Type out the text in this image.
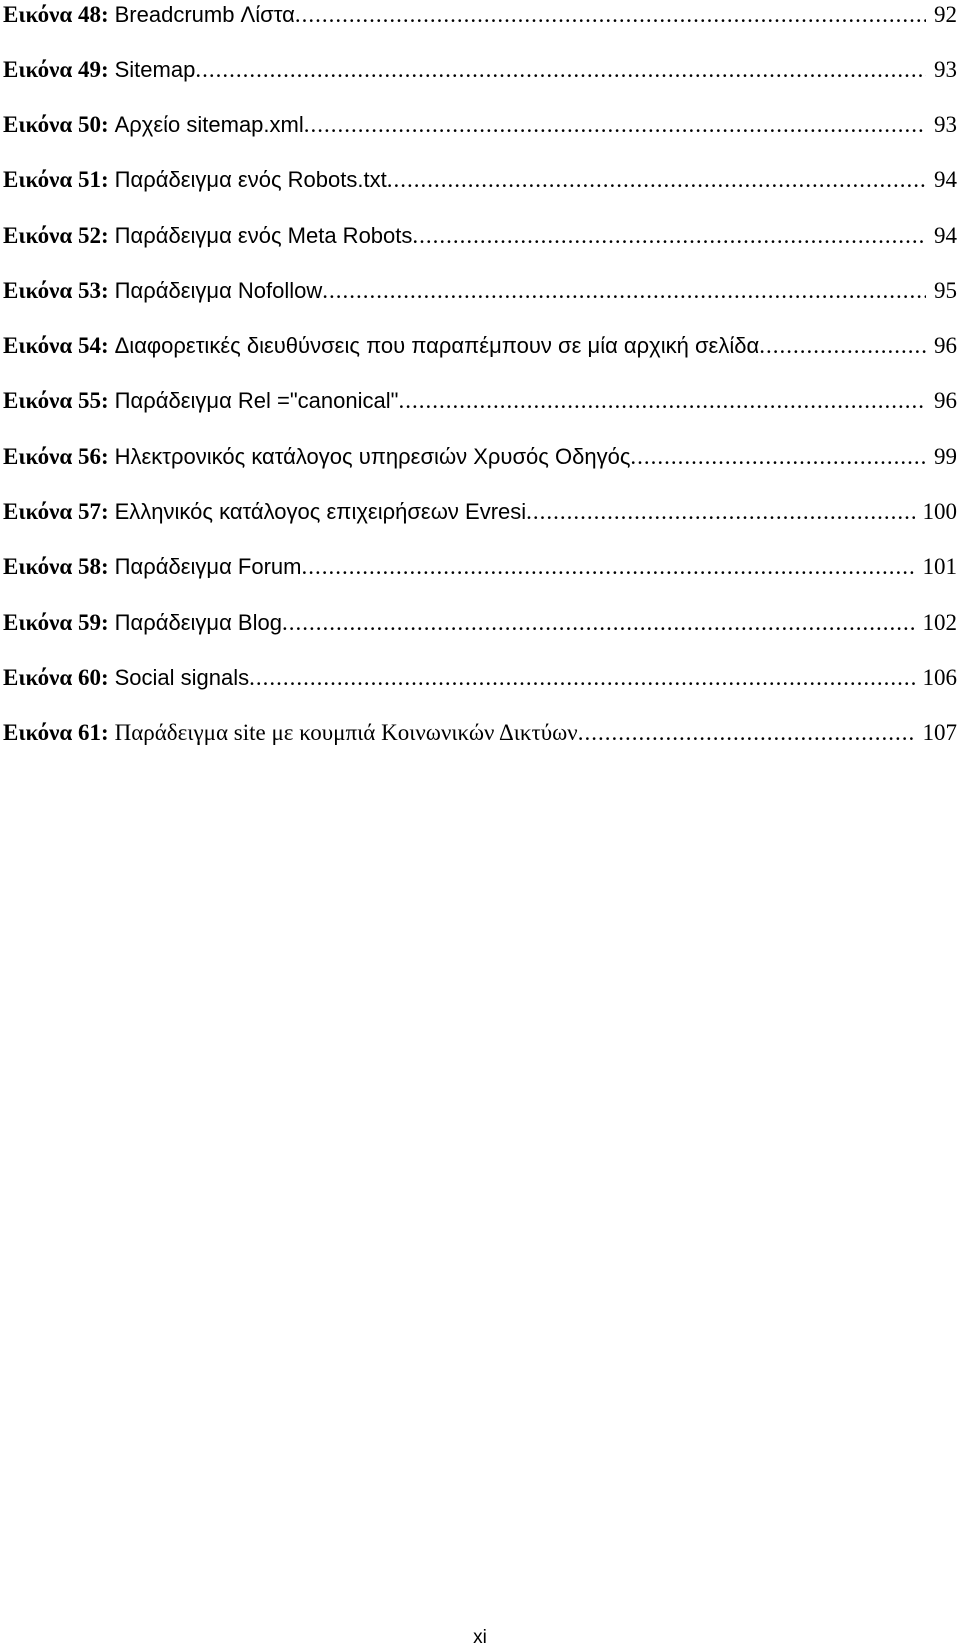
Εικόνα 48: Breadcrumb Λίστα .....	92
Εικόνα 49: Sitemap .....	93
Εικόνα 50: Αρχείο sitemap.xml .....	93
Εικόνα 51: Παράδειγμα ενός Robots.txt .....	94
Εικόνα 52: Παράδειγμα ενός Meta Robots .....	94
Εικόνα 53: Παράδειγμα Nofollow .....	95
Εικόνα 54: Διαφορετικές διευθύνσεις που παραπέμπουν σε μία αρχική σελίδα .....	96
Εικόνα 55: Παράδειγμα Rel ="canonical" .....	96
Εικόνα 56: Ηλεκτρονικός κατάλογος υπηρεσιών Χρυσός Οδηγός .....	99
Εικόνα 57: Ελληνικός κατάλογος επιχειρήσεων Evresi .....	100
Εικόνα 58: Παράδειγμα Forum .....	101
Εικόνα 59: Παράδειγμα Blog .....	102
Εικόνα 60: Social signals .....	106
Εικόνα 61: Παράδειγμα site με κουμπιά Κοινωνικών Δικτύων .....	107
xi
